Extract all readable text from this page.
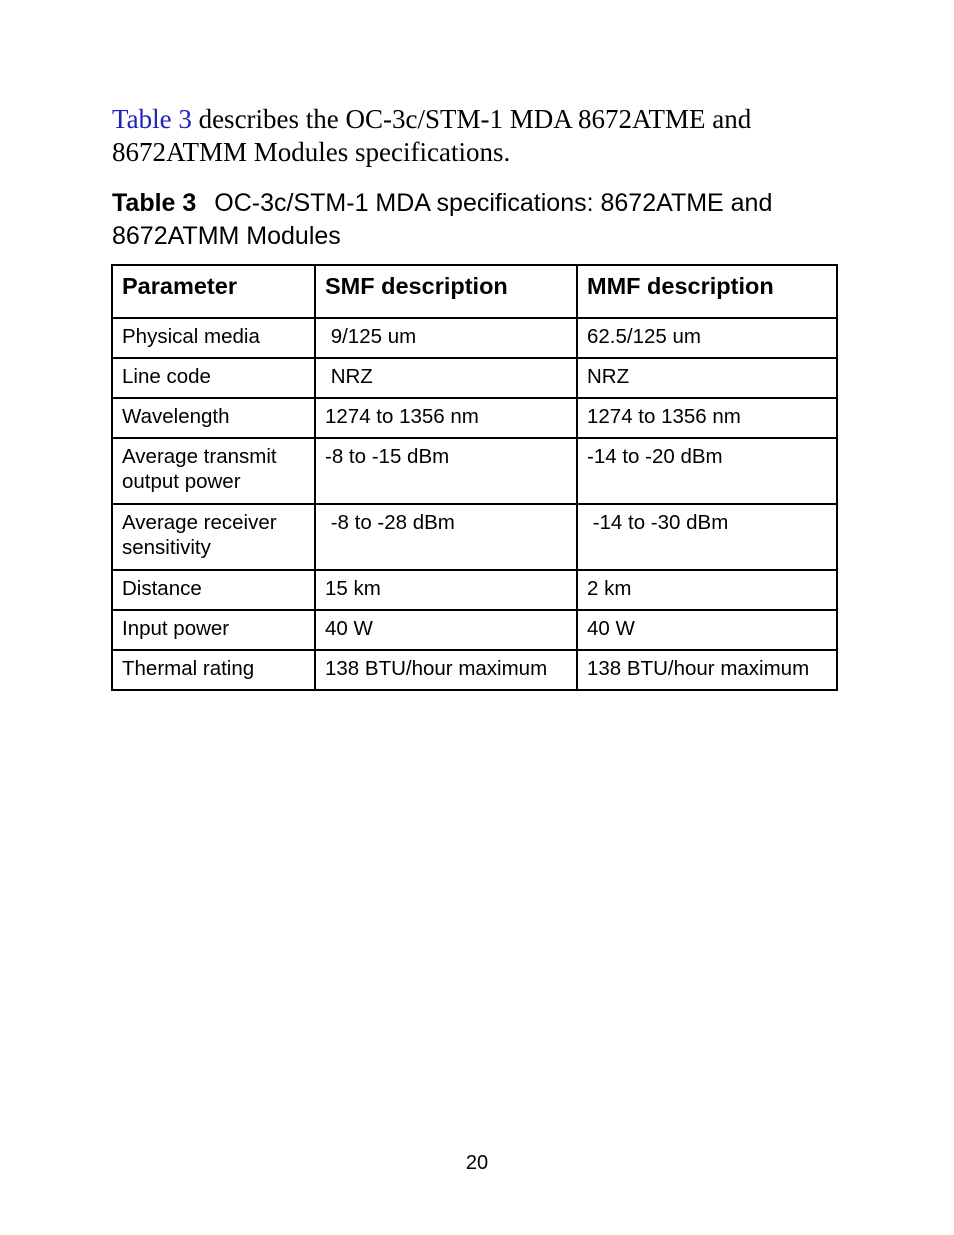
Table 3 describes the OC-3c/STM-1 MDA 8672ATME and 8672ATMM Modules specifications.

Table 3 OC-3c/STM-1 MDA specifications: 8672ATME and 8672ATMM Modules

Parameter	SMF description	MMF description
Physical media	9/125 um	62.5/125 um
Line code	NRZ	NRZ
Wavelength	1274 to 1356 nm	1274 to 1356 nm
Average transmit output power	-8 to -15 dBm	-14 to -20 dBm
Average receiver sensitivity	-8 to -28 dBm	-14 to -30 dBm
Distance	15 km	2 km
Input power	40 W	40 W
Thermal rating	138 BTU/hour maximum	138 BTU/hour maximum
20
